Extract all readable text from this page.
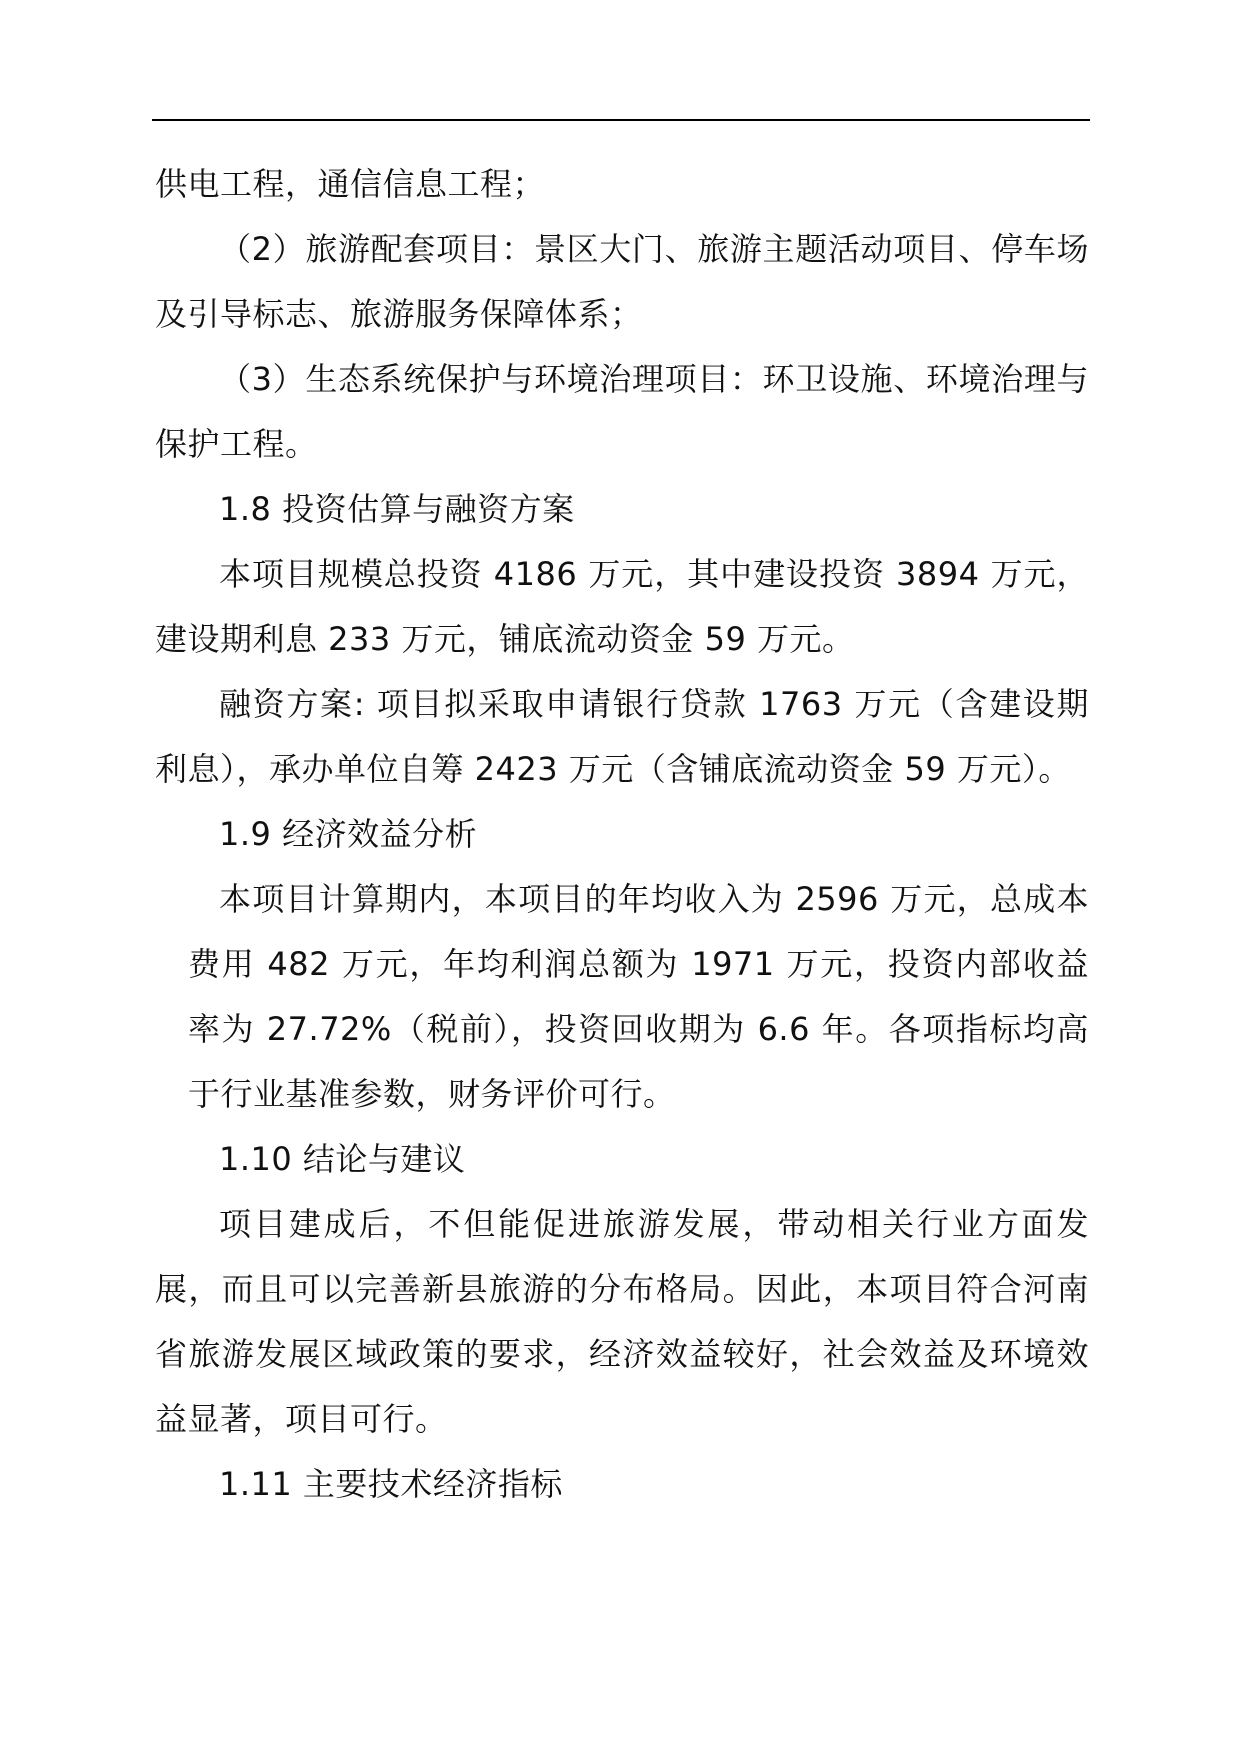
供电工程，通信信息工程；

（2）旅游配套项目：景区大门、旅游主题活动项目、停车场及引导标志、旅游服务保障体系；

（3）生态系统保护与环境治理项目：环卫设施、环境治理与保护工程。

1.8 投资估算与融资方案

本项目规模总投资 4186 万元，其中建设投资 3894 万元，建设期利息 233 万元，铺底流动资金 59 万元。

融资方案: 项目拟采取申请银行贷款 1763 万元（含建设期利息），承办单位自筹 2423 万元（含铺底流动资金 59 万元）。

1.9 经济效益分析

本项目计算期内，本项目的年均收入为 2596 万元，总成本费用 482 万元，年均利润总额为 1971 万元，投资内部收益率为 27.72%（税前），投资回收期为 6.6 年。各项指标均高于行业基准参数，财务评价可行。

1.10 结论与建议

项目建成后，不但能促进旅游发展，带动相关行业方面发展，而且可以完善新县旅游的分布格局。因此，本项目符合河南省旅游发展区域政策的要求，经济效益较好，社会效益及环境效益显著，项目可行。

1.11 主要技术经济指标
